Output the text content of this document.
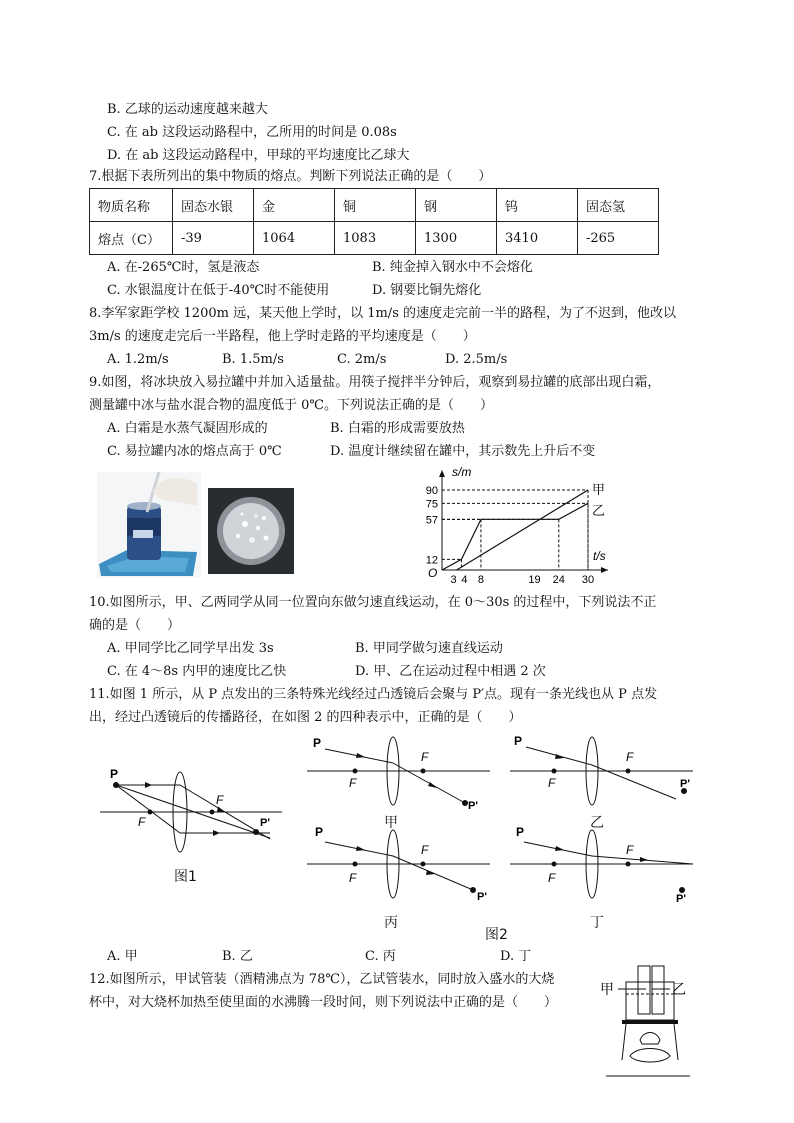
B. 乙球的运动速度越来越大
C. 在 ab 这段运动路程中，乙所用的时间是 0.08s
D. 在 ab 这段运动路程中，甲球的平均速度比乙球大
7.根据下表所列出的集中物质的熔点。判断下列说法正确的是（　　）
物质名称	固态水银	金	铜	钢	钨	固态氢
熔点（C）	-39	1064	1083	1300	3410	-265
A. 在-265℃时，氢是液态	B. 纯金掉入钢水中不会熔化
C. 水银温度计在低于-40℃时不能使用	D. 钢要比铜先熔化
8.李军家距学校 1200m 远，某天他上学时，以 1m/s 的速度走完前一半的路程，为了不迟到，他改以
3m/s 的速度走完后一半路程，他上学时走路的平均速度是（　　）
A. 1.2m/s	B. 1.5m/s	C. 2m/s	D. 2.5m/s
9.如图，将冰块放入易拉罐中并加入适量盐。用筷子搅拌半分钟后，观察到易拉罐的底部出现白霜，
测量罐中冰与盐水混合物的温度低于 0℃。下列说法正确的是（　　）
A. 白霜是水蒸气凝固形成的	B. 白霜的形成需要放热
C. 易拉罐内冰的熔点高于 0℃	D. 温度计继续留在罐中，其示数先上升后不变
s/m
t/s
O
90
75
57
12
3 4 8	19 24 30
甲
乙
10.如图所示，甲、乙两同学从同一位置向东做匀速直线运动，在 0～30s 的过程中，下列说法不正
确的是（　　）
A. 甲同学比乙同学早出发 3s	B. 甲同学做匀速直线运动
C. 在 4～8s 内甲的速度比乙快	D. 甲、乙在运动过程中相遇 2 次
11.如图 1 所示，从 P 点发出的三条特殊光线经过凸透镜后会聚与 P′点。现有一条光线也从 P 点发
出，经过凸透镜后的传播路径，在如图 2 的四种表示中，正确的是（　　）
P
F
F
P'
图1
P
F
F
P'
甲
P
F
F
P'
乙
P
F
F
P'
丙
P
F
F
P'
丁
图2
A. 甲	B. 乙	C. 丙	D. 丁
12.如图所示，甲试管装（酒精沸点为 78℃），乙试管装水，同时放入盛水的大烧
杯中，对大烧杯加热至使里面的水沸腾一段时间，则下列说法中正确的是（　　）
甲	乙
